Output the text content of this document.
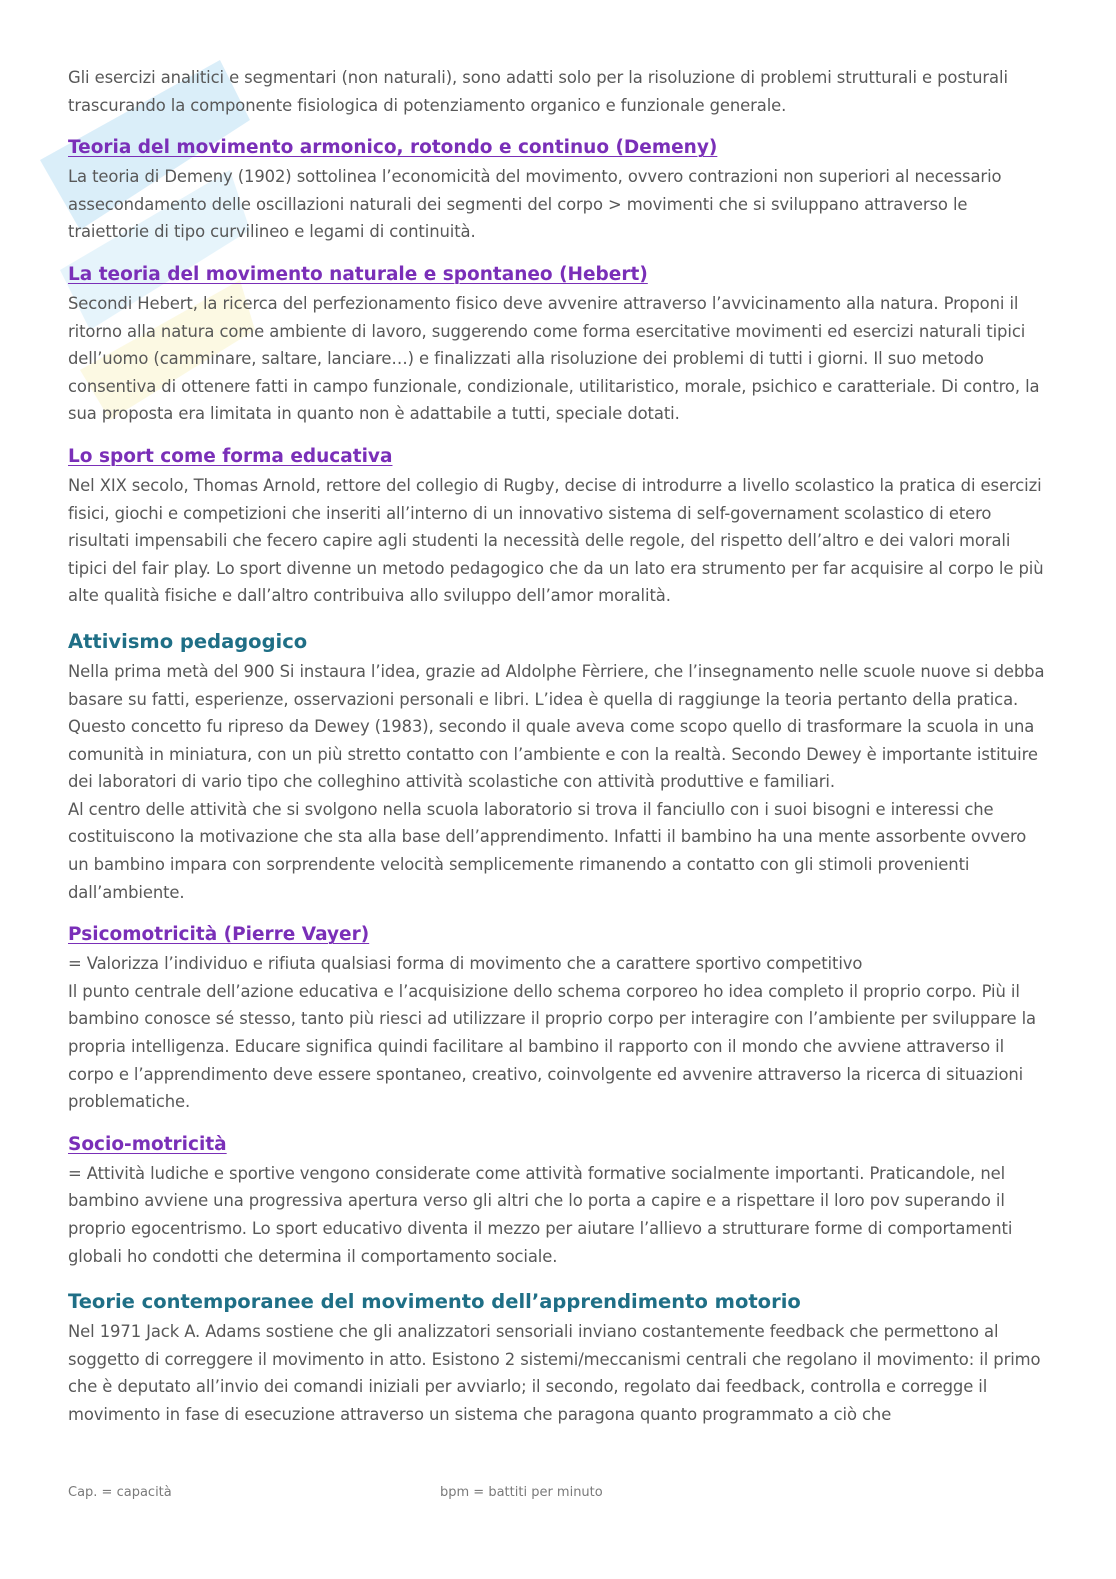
Gli esercizi analitici e segmentari (non naturali), sono adatti solo per la risoluzione di problemi strutturali e posturali trascurando la componente fisiologica di potenziamento organico e funzionale generale.

Teoria del movimento armonico, rotondo e continuo (Demeny)

La teoria di Demeny (1902) sottolinea l’economicità del movimento, ovvero contrazioni non superiori al necessario assecondamento delle oscillazioni naturali dei segmenti del corpo > movimenti che si sviluppano attraverso le traiettorie di tipo curvilineo e legami di continuità.

La teoria del movimento naturale e spontaneo (Hebert)

Secondi Hebert, la ricerca del perfezionamento fisico deve avvenire attraverso l’avvicinamento alla natura. Proponi il ritorno alla natura come ambiente di lavoro, suggerendo come forma esercitative movimenti ed esercizi naturali tipici dell’uomo (camminare, saltare, lanciare…) e finalizzati alla risoluzione dei problemi di tutti i giorni. Il suo metodo consentiva di ottenere fatti in campo funzionale, condizionale, utilitaristico, morale, psichico e caratteriale. Di contro, la sua proposta era limitata in quanto non è adattabile a tutti, speciale dotati.

Lo sport come forma educativa

Nel XIX secolo, Thomas Arnold, rettore del collegio di Rugby, decise di introdurre a livello scolastico la pratica di esercizi fisici, giochi e competizioni che inseriti all’interno di un innovativo sistema di self-governament scolastico di etero risultati impensabili che fecero capire agli studenti la necessità delle regole, del rispetto dell’altro e dei valori morali tipici del fair play. Lo sport divenne un metodo pedagogico che da un lato era strumento per far acquisire al corpo le più alte qualità fisiche e dall’altro contribuiva allo sviluppo dell’amor moralità.

Attivismo pedagogico

Nella prima metà del 900 Si instaura l’idea, grazie ad Aldolphe Fèrriere, che l’insegnamento nelle scuole nuove si debba basare su fatti, esperienze, osservazioni personali e libri. L’idea è quella di raggiunge la teoria pertanto della pratica. Questo concetto fu ripreso da Dewey (1983), secondo il quale aveva come scopo quello di trasformare la scuola in una comunità in miniatura, con un più stretto contatto con l’ambiente e con la realtà. Secondo Dewey è importante istituire dei laboratori di vario tipo che colleghino attività scolastiche con attività produttive e familiari.

Al centro delle attività che si svolgono nella scuola laboratorio si trova il fanciullo con i suoi bisogni e interessi che costituiscono la motivazione che sta alla base dell’apprendimento. Infatti il bambino ha una mente assorbente ovvero un bambino impara con sorprendente velocità semplicemente rimanendo a contatto con gli stimoli provenienti dall’ambiente.

Psicomotricità (Pierre Vayer)

= Valorizza l’individuo e rifiuta qualsiasi forma di movimento che a carattere sportivo competitivo

Il punto centrale dell’azione educativa e l’acquisizione dello schema corporeo ho idea completo il proprio corpo. Più il bambino conosce sé stesso, tanto più riesci ad utilizzare il proprio corpo per interagire con l’ambiente per sviluppare la propria intelligenza. Educare significa quindi facilitare al bambino il rapporto con il mondo che avviene attraverso il corpo e l’apprendimento deve essere spontaneo, creativo, coinvolgente ed avvenire attraverso la ricerca di situazioni problematiche.

Socio-motricità

= Attività ludiche e sportive vengono considerate come attività formative socialmente importanti. Praticandole, nel bambino avviene una progressiva apertura verso gli altri che lo porta a capire e a rispettare il loro pov superando il proprio egocentrismo. Lo sport educativo diventa il mezzo per aiutare l’allievo a strutturare forme di comportamenti globali ho condotti che determina il comportamento sociale.

Teorie contemporanee del movimento dell’apprendimento motorio

Nel 1971 Jack A. Adams sostiene che gli analizzatori sensoriali inviano costantemente feedback che permettono al soggetto di correggere il movimento in atto. Esistono 2 sistemi/meccanismi centrali che regolano il movimento: il primo che è deputato all’invio dei comandi iniziali per avviarlo; il secondo, regolato dai feedback, controlla e corregge il movimento in fase di esecuzione attraverso un sistema che paragona quanto programmato a ciò che

Cap. = capacità	bpm = battiti per minuto
